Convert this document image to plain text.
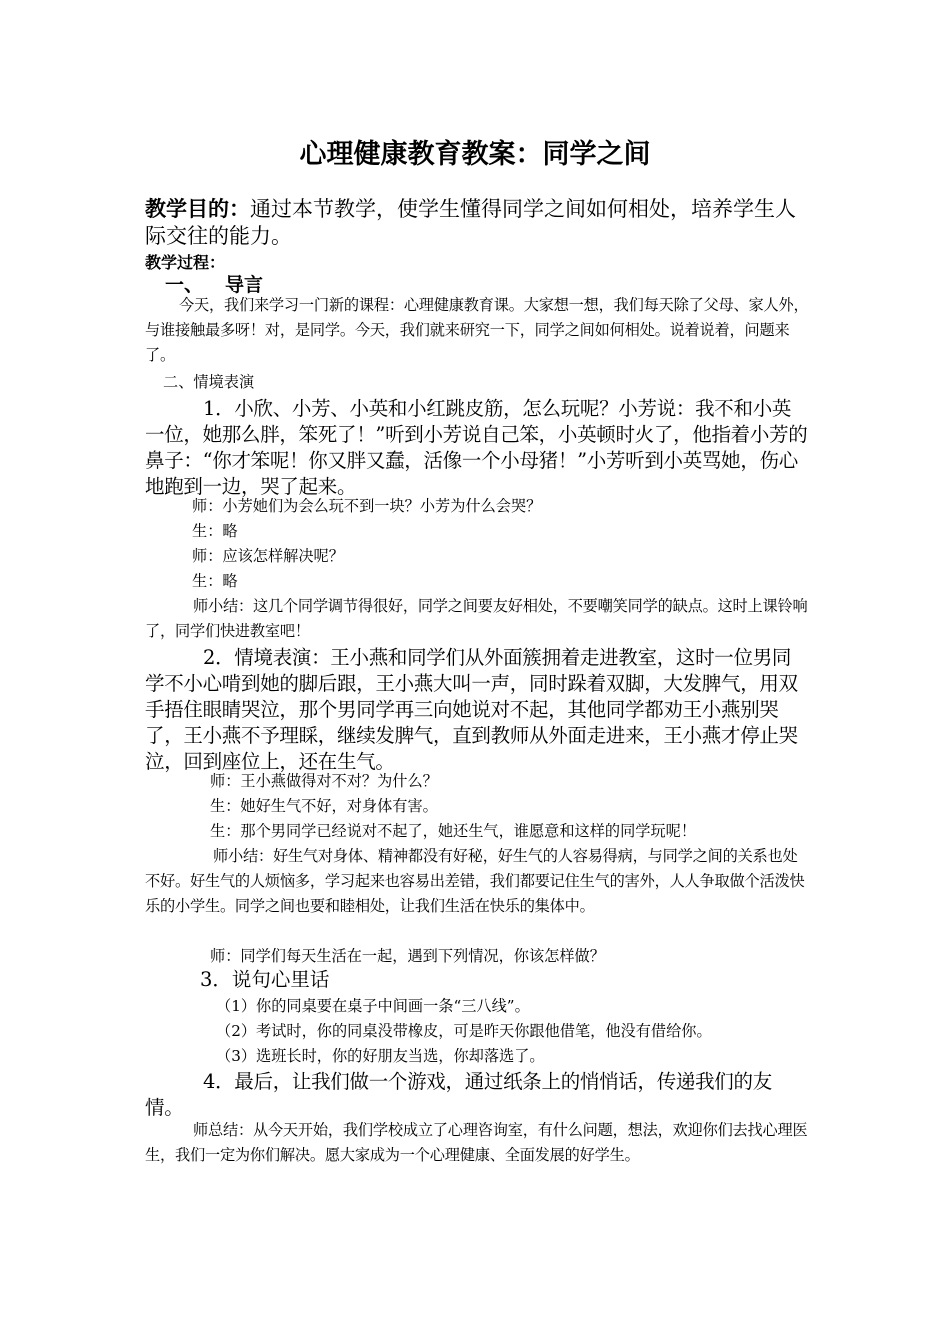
心理健康教育教案：同学之间
教学目的：通过本节教学，使学生懂得同学之间如何相处，培养学生人际交往的能力。
教学过程：
一、 导言
今天，我们来学习一门新的课程：心理健康教育课。大家想一想，我们每天除了父母、家人外，与谁接触最多呀！对，是同学。今天，我们就来研究一下，同学之间如何相处。说着说着，问题来了。
二、情境表演
1．小欣、小芳、小英和小红跳皮筋，怎么玩呢？小芳说：我不和小英一位，她那么胖，笨死了！”听到小芳说自己笨，小英顿时火了，他指着小芳的鼻子：“你才笨呢！你又胖又蠢，活像一个小母猪！”小芳听到小英骂她，伤心地跑到一边，哭了起来。
师：小芳她们为会么玩不到一块？小芳为什么会哭？
生：略
师：应该怎样解决呢？
生：略
师小结：这几个同学调节得很好，同学之间要友好相处，不要嘲笑同学的缺点。这时上课铃响了，同学们快进教室吧！
2．情境表演：王小燕和同学们从外面簇拥着走进教室，这时一位男同学不小心啃到她的脚后跟，王小燕大叫一声，同时跺着双脚，大发脾气，用双手捂住眼睛哭泣，那个男同学再三向她说对不起，其他同学都劝王小燕别哭了，王小燕不予理睬，继续发脾气，直到教师从外面走进来，王小燕才停止哭泣，回到座位上，还在生气。
师：王小燕做得对不对？为什么？
生：她好生气不好，对身体有害。
生：那个男同学已经说对不起了，她还生气，谁愿意和这样的同学玩呢！
师小结：好生气对身体、精神都没有好秘，好生气的人容易得病，与同学之间的关系也处不好。好生气的人烦恼多，学习起来也容易出差错，我们都要记住生气的害外，人人争取做个活泼快乐的小学生。同学之间也要和睦相处，让我们生活在快乐的集体中。
师：同学们每天生活在一起，遇到下列情况，你该怎样做？
3．说句心里话
（1）你的同桌要在桌子中间画一条“三八线”。
（2）考试时，你的同桌没带橡皮，可是昨天你跟他借笔，他没有借给你。
（3）选班长时，你的好朋友当选，你却落选了。
4．最后，让我们做一个游戏，通过纸条上的悄悄话，传递我们的友情。
师总结：从今天开始，我们学校成立了心理咨询室，有什么问题，想法，欢迎你们去找心理医生，我们一定为你们解决。愿大家成为一个心理健康、全面发展的好学生。
